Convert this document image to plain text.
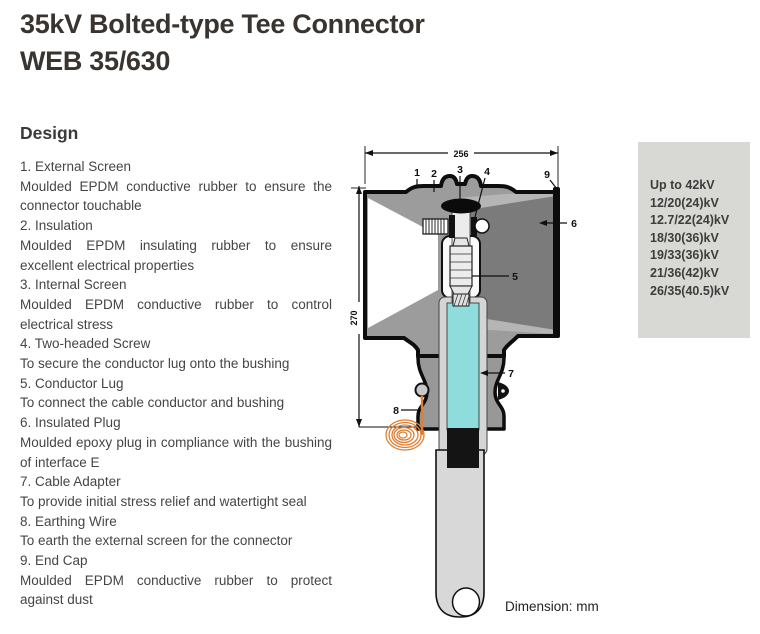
35kV Bolted-type Tee Connector
WEB 35/630
Design
1. External Screen
Moulded EPDM conductive rubber to ensure the connector touchable
2. Insulation
Moulded EPDM insulating rubber to ensure excellent electrical properties
3. Internal Screen
Moulded EPDM conductive rubber to control electrical stress
4. Two-headed Screw
To secure the conductor lug onto the bushing
5. Conductor Lug
To connect the cable conductor and bushing
6. Insulated Plug
Moulded epoxy plug in compliance with the bushing of interface E
7. Cable Adapter
To provide initial stress relief and watertight seal
8. Earthing Wire
To earth the external screen for the connector
9. End Cap
Moulded EPDM conductive rubber to protect against dust
Up to 42kV
12/20(24)kV
12.7/22(24)kV
18/30(36)kV
19/33(36)kV
21/36(42)kV
26/35(40.5)kV
256
270
1 2 3 4	9
6
5
7
8
Dimension: mm
